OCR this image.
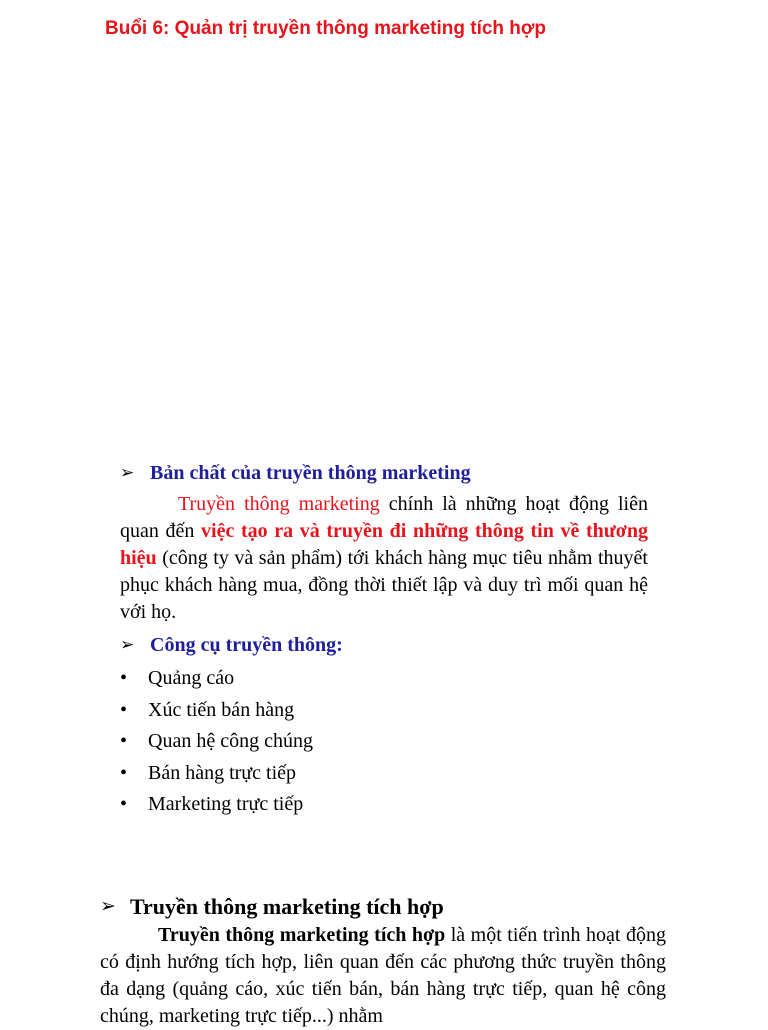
Buổi 6: Quản trị truyền thông marketing tích hợp
➢ Bản chất của truyền thông marketing

Truyền thông marketing chính là những hoạt động liên quan đến việc tạo ra và truyền đi những thông tin về thương hiệu (công ty và sản phẩm) tới khách hàng mục tiêu nhằm thuyết phục khách hàng mua, đồng thời thiết lập và duy trì mối quan hệ với họ.

➢ Công cụ truyền thông:
•	Quảng cáo
•	Xúc tiến bán hàng
•	Quan hệ công chúng
•	Bán hàng trực tiếp
•	Marketing trực tiếp
➢ Truyền thông marketing tích hợp

Truyền thông marketing tích hợp là một tiến trình hoạt động có định hướng tích hợp, liên quan đến các phương thức truyền thông đa dạng (quảng cáo, xúc tiến bán, bán hàng trực tiếp, quan hệ công chúng, marketing trực tiếp...) nhằm
